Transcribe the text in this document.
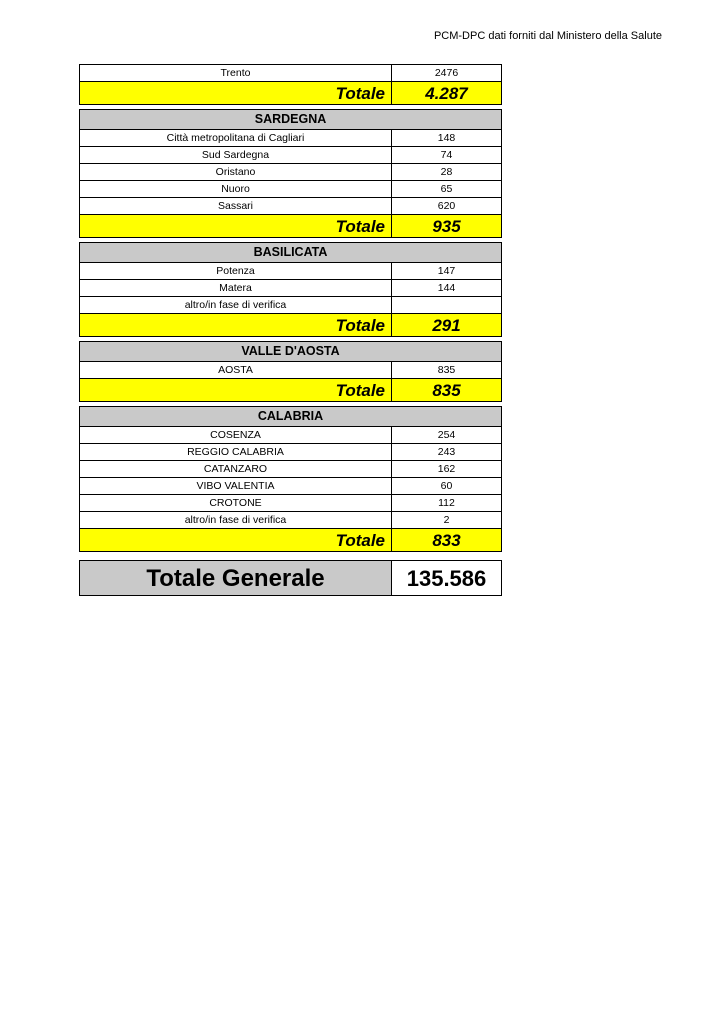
PCM-DPC dati forniti dal Ministero della Salute
Trento	2476
Totale	4.287
SARDEGNA	
Città metropolitana di Cagliari	148
Sud Sardegna	74
Oristano	28
Nuoro	65
Sassari	620
Totale	935
BASILICATA	
Potenza	147
Matera	144
altro/in fase di verifica	
Totale	291
VALLE D'AOSTA	
AOSTA	835
Totale	835
CALABRIA	
COSENZA	254
REGGIO CALABRIA	243
CATANZARO	162
VIBO VALENTIA	60
CROTONE	112
altro/in fase di verifica	2
Totale	833
Totale Generale	135.586
